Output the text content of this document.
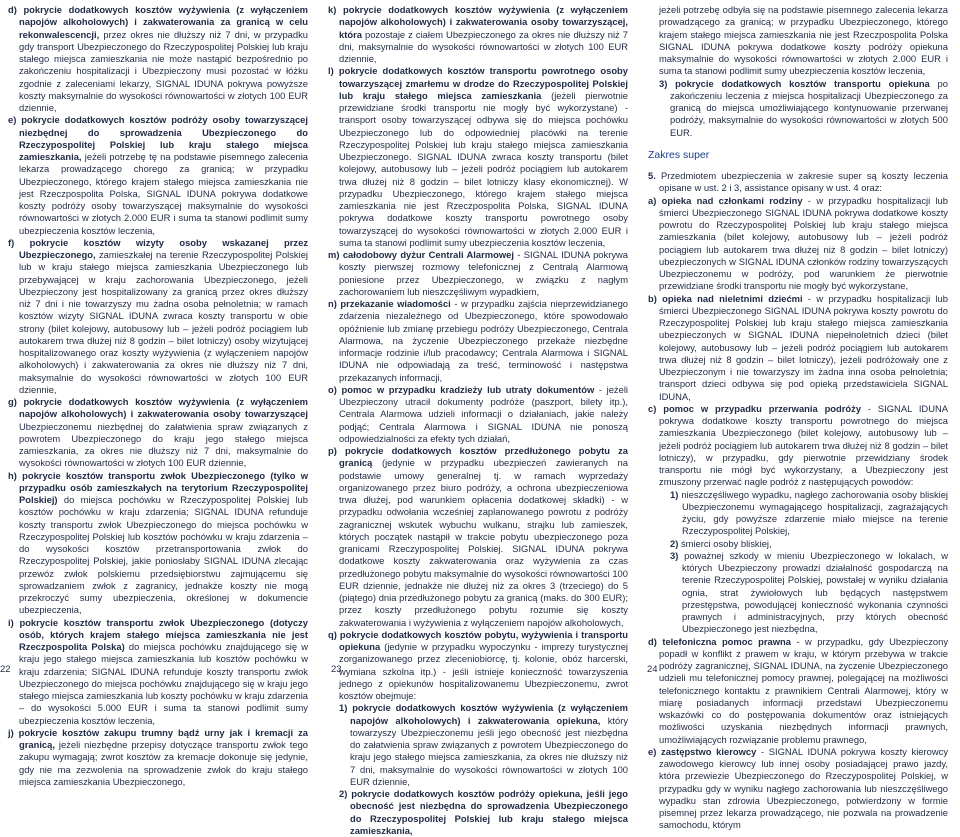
d) pokrycie dodatkowych kosztów wyżywienia (z wyłączeniem napojów alkoholowych) i zakwaterowania za granicą w celu rekonwalescencji, przez okres nie dłuższy niż 7 dni, w przypadku gdy transport Ubezpieczonego do Rzeczypospolitej Polskiej lub kraju stałego miejsca zamieszkania nie może nastąpić bezpośrednio po zakończeniu hospitalizacji i Ubezpieczony musi pozostać w łóżku zgodnie z zaleceniami lekarzy, SIGNAL IDUNA pokrywa powyższe koszty maksymalnie do wysokości równowartości w złotych 100 EUR dziennie,

e) pokrycie dodatkowych kosztów podróży osoby towarzyszącej niezbędnej do sprowadzenia Ubezpieczonego do Rzeczypospolitej Polskiej lub kraju stałego miejsca zamieszkania, jeżeli potrzebę tę na podstawie pisemnego zalecenia lekarza prowadzącego chorego za granicą; w przypadku Ubezpieczonego, którego krajem stałego miejsca zamieszkania nie jest Rzeczpospolita Polska, SIGNAL IDUNA pokrywa dodatkowe koszty podróży osoby towarzyszącej maksymalnie do wysokości równowartości w złotych 2.000 EUR i suma ta stanowi podlimit sumy ubezpieczenia kosztów leczenia,

f) pokrycie kosztów wizyty osoby wskazanej przez Ubezpieczonego, zamieszkałej na terenie Rzeczypospolitej Polskiej lub w kraju stałego miejsca zamieszkania Ubezpieczonego lub przebywającej w kraju zachorowania Ubezpieczonego, jeżeli Ubezpieczony jest hospitalizowany za granicą przez okres dłuższy niż 7 dni i nie towarzyszy mu żadna osoba pełnoletnia; w ramach kosztów wizyty SIGNAL IDUNA zwraca koszty transportu w obie strony (bilet kolejowy, autobusowy lub – jeżeli podróż pociągiem lub autokarem trwa dłużej niż 8 godzin – bilet lotniczy) osoby wizytującej hospitalizowanego oraz koszty wyżywienia (z wyłączeniem napojów alkoholowych) i zakwaterowania za okres nie dłuższy niż 7 dni, maksymalnie do wysokości równowartości w złotych 100 EUR dziennie,

g) pokrycie dodatkowych kosztów wyżywienia (z wyłączeniem napojów alkoholowych) i zakwaterowania osoby towarzyszącej Ubezpieczonemu niezbędnej do załatwienia spraw związanych z powrotem Ubezpieczonego do kraju jego stałego miejsca zamieszkania, za okres nie dłuższy niż 7 dni, maksymalnie do wysokości równowartości w złotych 100 EUR dziennie,

h) pokrycie kosztów transportu zwłok Ubezpieczonego (tylko w przypadku osób zamieszkałych na terytorium Rzeczypospolitej Polskiej) do miejsca pochówku w Rzeczypospolitej Polskiej lub kosztów pochówku w kraju zdarzenia; SIGNAL IDUNA refunduje koszty transportu zwłok Ubezpieczonego do miejsca pochówku w Rzeczypospolitej Polskiej lub kosztów pochówku w kraju zdarzenia – do wysokości kosztów przetransportowania zwłok do Rzeczypospolitej Polskiej, jakie poniosłaby SIGNAL IDUNA zlecając przewóz zwłok polskiemu przedsiębiorstwu zajmującemu się sprowadzaniem zwłok z zagranicy, jednakże koszty nie mogą przekroczyć sumy ubezpieczenia, określonej w dokumencie ubezpieczenia,

i) pokrycie kosztów transportu zwłok Ubezpieczonego (dotyczy osób, których krajem stałego miejsca zamieszkania nie jest Rzeczpospolita Polska) do miejsca pochówku znajdującego się w kraju jego stałego miejsca zamieszkania lub kosztów pochówku w kraju zdarzenia; SIGNAL IDUNA refunduje koszty transportu zwłok Ubezpieczonego do miejsca pochówku znajdującego się w kraju jego stałego miejsca zamieszkania lub koszty pochówku w kraju zdarzenia – do wysokości 5.000 EUR i suma ta stanowi podlimit sumy ubezpieczenia kosztów leczenia,

j) pokrycie kosztów zakupu trumny bądź urny jak i kremacji za granicą, jeżeli niezbędne przepisy dotyczące transportu zwłok tego zakupu wymagają; zwrot kosztów za kremacje dokonuje się jedynie, gdy nie ma zezwolenia na sprowadzenie zwłok do kraju stałego miejsca zamieszkania Ubezpieczonego,

k) pokrycie dodatkowych kosztów wyżywienia (z wyłączeniem napojów alkoholowych) i zakwaterowania osoby towarzyszącej, która pozostaje z ciałem Ubezpieczonego za okres nie dłuższy niż 7 dni, maksymalnie do wysokości równowartości w złotych 100 EUR dziennie,

l) pokrycie dodatkowych kosztów transportu powrotnego osoby towarzyszącej zmarłemu w drodze do Rzeczypospolitej Polskiej lub kraju stałego miejsca zamieszkania (jeżeli pierwotnie przewidziane środki transportu nie mogły być wykorzystane) - transport osoby towarzyszącej odbywa się do miejsca pochówku Ubezpieczonego lub do odpowiedniej placówki na terenie Rzeczypospolitej Polskiej lub kraju stałego miejsca zamieszkania Ubezpieczonego. SIGNAL IDUNA zwraca koszty transportu (bilet kolejowy, autobusowy lub – jeżeli podróż pociągiem lub autokarem trwa dłużej niż 8 godzin – bilet lotniczy klasy ekonomicznej). W przypadku Ubezpieczonego, którego krajem stałego miejsca zamieszkania nie jest Rzeczpospolita Polska, SIGNAL IDUNA pokrywa dodatkowe koszty transportu powrotnego osoby towarzyszącej do wysokości równowartości w złotych 2.000 EUR i suma ta stanowi podlimit sumy ubezpieczenia kosztów leczenia,

m) całodobowy dyżur Centrali Alarmowej - SIGNAL IDUNA pokrywa koszty pierwszej rozmowy telefonicznej z Centralą Alarmową poniesione przez Ubezpieczonego, w związku z nagłym zachorowaniem lub nieszczęśliwym wypadkiem,

n) przekazanie wiadomości - w przypadku zajścia nieprzewidzianego zdarzenia niezależnego od Ubezpieczonego, które spowodowało opóźnienie lub zmianę przebiegu podróży Ubezpieczonego, Centrala Alarmowa, na życzenie Ubezpieczonego przekaże niezbędne informacje rodzinie i/lub pracodawcy; Centrala Alarmowa i SIGNAL IDUNA nie odpowiadają za treść, terminowość i następstwa przekazanych informacji,

o) pomoc w przypadku kradzieży lub utraty dokumentów - jeżeli Ubezpieczony utracił dokumenty podróże (paszport, bilety itp.), Centrala Alarmowa udzieli informacji o działaniach, jakie należy podjąć; Centrala Alarmowa i SIGNAL IDUNA nie ponoszą odpowiedzialności za efekty tych działań,

p) pokrycie dodatkowych kosztów przedłużonego pobytu za granicą (jedynie w przypadku ubezpieczeń zawieranych na podstawie umowy generalnej tj. w ramach wyprzedaży organizowanego przez biuro podróży, a ochrona ubezpieczeniowa trwa dłużej, pod warunkiem opłacenia dodatkowej składki) - w przypadku odwołania wcześniej zaplanowanego powrotu z podróży zagranicznej wskutek wybuchu wulkanu, strajku lub zamieszek, których początek nastąpił w trakcie pobytu ubezpieczonego poza granicami Rzeczypospolitej Polskiej. SIGNAL IDUNA pokrywa dodatkowe koszty zakwaterowania oraz wyżywienia za czas przedłużonego pobytu maksymalnie do wysokości równowartości 100 EUR dziennie, jednakże nie dłużej niż za okres 3 (trzeciego) do 5 (piątego) dnia przedłużonego pobytu za granicą (maks. do 300 EUR); przez koszty przedłużonego pobytu rozumie się koszty zakwaterowania i wyżywienia z wyłączeniem napojów alkoholowych,

q) pokrycie dodatkowych kosztów pobytu, wyżywienia i transportu opiekuna (jedynie w przypadku wypoczynku - imprezy turystycznej zorganizowanego przez zleceniobiorcę, tj. kolonie, obóz harcerski, wymiana szkolna itp.) - jeśli istnieje konieczność towarzyszenia jednego z opiekunów hospitalizowanemu Ubezpieczonemu, zwrot kosztów obejmuje:

1) pokrycie dodatkowych kosztów wyżywienia (z wyłączeniem napojów alkoholowych) i zakwaterowania opiekuna, który towarzyszy Ubezpieczonemu jeśli jego obecność jest niezbędna do załatwienia spraw związanych z powrotem Ubezpieczonego do kraju jego stałego miejsca zamieszkania, za okres nie dłuższy niż 7 dni, maksymalnie do wysokości równowartości w złotych 100 EUR dziennie,

2) pokrycie dodatkowych kosztów podróży opiekuna, jeśli jego obecność jest niezbędna do sprowadzenia Ubezpieczonego do Rzeczypospolitej Polskiej lub kraju stałego miejsca zamieszkania,

jeżeli potrzebę odbyła się na podstawie pisemnego zalecenia lekarza prowadzącego za granicą; w przypadku Ubezpieczonego, którego krajem stałego miejsca zamieszkania nie jest Rzeczpospolita Polska SIGNAL IDUNA pokrywa dodatkowe koszty podróży opiekuna maksymalnie do wysokości równowartości w złotych 2.000 EUR i suma ta stanowi podlimit sumy ubezpieczenia kosztów leczenia,

3) pokrycie dodatkowych kosztów transportu opiekuna po zakończeniu leczenia z miejsca hospitalizacji Ubezpieczonego za granicą do miejsca umożliwiającego kontynuowanie przerwanej podróży, maksymalnie do wysokości równowartości w złotych 500 EUR.

Zakres super

5. Przedmiotem ubezpieczenia w zakresie super są koszty leczenia opisane w ust. 2 i 3, assistance opisany w ust. 4 oraz:

a) opieka nad członkami rodziny - w przypadku hospitalizacji lub śmierci Ubezpieczonego SIGNAL IDUNA pokrywa dodatkowe koszty powrotu do Rzeczypospolitej Polskiej lub kraju stałego miejsca zamieszkania (bilet kolejowy, autobusowy lub – jeżeli podróż pociągiem lub autokarem trwa dłużej niż 8 godzin – bilet lotniczy) ubezpieczonych w SIGNAL IDUNA członków rodziny towarzyszących Ubezpieczonemu w podróży, pod warunkiem że pierwotnie przewidziane środki transportu nie mogły być wykorzystane,

b) opieka nad nieletnimi dziećmi - w przypadku hospitalizacji lub śmierci Ubezpieczonego SIGNAL IDUNA pokrywa koszty powrotu do Rzeczypospolitej Polskiej lub kraju stałego miejsca zamieszkania ubezpieczonych w SIGNAL IDUNA niepełnoletnich dzieci (bilet kolejowy, autobusowy lub – jeżeli podróż pociągiem lub autokarem trwa dłużej niż 8 godzin – bilet lotniczy), jeżeli podróżowały one z Ubezpieczonym i nie towarzyszy im żadna inna osoba pełnoletnia; transport dzieci odbywa się pod opieką przedstawiciela SIGNAL IDUNA,

c) pomoc w przypadku przerwania podróży - SIGNAL IDUNA pokrywa dodatkowe koszty transportu powrotnego do miejsca zamieszkania Ubezpieczonego (bilet kolejowy, autobusowy lub – jeżeli podróż pociągiem lub autokarem trwa dłużej niż 8 godzin – bilet lotniczy), w przypadku, gdy pierwotnie przewidziany środek transportu nie mógł być wykorzystany, a Ubezpieczony jest zmuszony przerwać nagle podróż z następujących powodów:

1) nieszczęśliwego wypadku, nagłego zachorowania osoby bliskiej Ubezpieczonemu wymagającego hospitalizacji, zagrażających życiu, gdy powyższe zdarzenie miało miejsce na terenie Rzeczypospolitej Polskiej,

2) śmierci osoby bliskiej,

3) poważnej szkody w mieniu Ubezpieczonego w lokalach, w których Ubezpieczony prowadzi działalność gospodarczą na terenie Rzeczypospolitej Polskiej, powstałej w wyniku działania ognia, strat żywiołowych lub będących następstwem przestępstwa, powodującej konieczność wykonania czynności prawnych i administracyjnych, przy których obecność Ubezpieczonego jest niezbędna,

d) telefoniczna pomoc prawna - w przypadku, gdy Ubezpieczony popadł w konflikt z prawem w kraju, w którym przebywa w trakcie podróży zagranicznej, SIGNAL IDUNA, na życzenie Ubezpieczonego udzieli mu telefonicznej pomocy prawnej, polegającej na możliwości telefonicznego kontaktu z prawnikiem Centrali Alarmowej, który w miarę posiadanych informacji przedstawi Ubezpieczonemu wskazówki co do postępowania dokumentów oraz istniejących możliwości uzyskania niezbędnych informacji prawnych, umożliwiających rozwiązanie problemu prawnego,

e) zastępstwo kierowcy - SIGNAL IDUNA pokrywa koszty kierowcy zawodowego kierowcy lub innej osoby posiadającej prawo jazdy, która przewiezie Ubezpieczonego do Rzeczypospolitej Polskiej, w przypadku gdy w wyniku nagłego zachorowania lub nieszczęśliwego wypadku stan zdrowia Ubezpieczonego, potwierdzony w formie pisemnej przez lekarza prowadzącego, nie pozwala na prowadzenie samochodu, którym

22	23	24
